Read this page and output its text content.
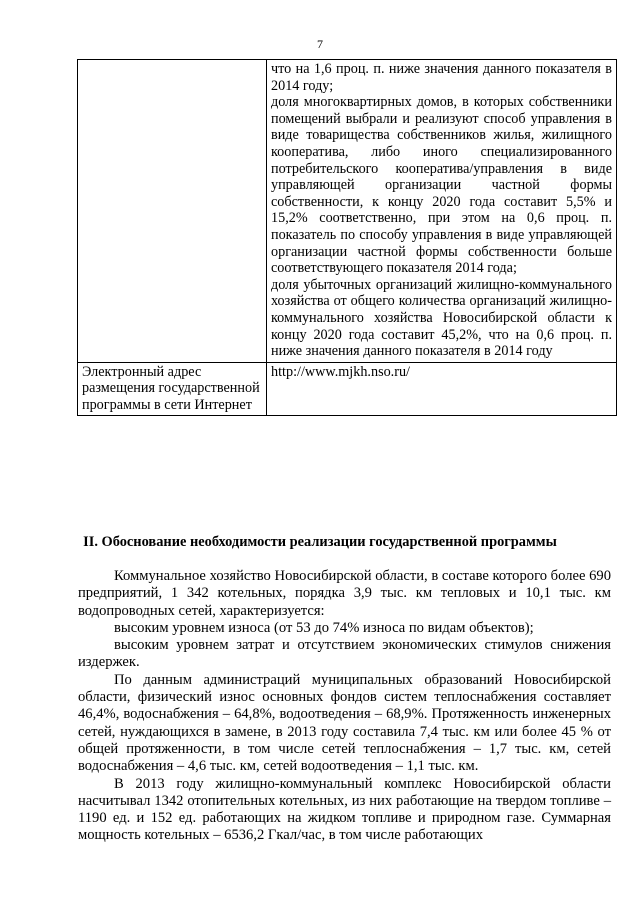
7

	что на 1,6 проц. п. ниже значения данного показателя в 2014 году;
доля многоквартирных домов, в которых собственники помещений выбрали и реализуют способ управления в виде товарищества собственников жилья, жилищного кооператива, либо иного специализированного потребительского кооператива/управления в виде управляющей организации частной формы собственности, к концу 2020 года составит 5,5% и 15,2% соответственно, при этом на 0,6 проц. п. показатель по способу управления в виде управляющей организации частной формы собственности больше соответствующего показателя 2014 года;
доля убыточных организаций жилищно-коммунального хозяйства от общего количества организаций жилищно-коммунального хозяйства Новосибирской области к концу 2020 года составит 45,2%, что на 0,6 проц. п. ниже значения данного показателя в 2014 году

Электронный адрес размещения государственной программы в сети Интернет	http://www.mjkh.nso.ru/
II. Обоснование необходимости реализации государственной программы

Коммунальное хозяйство Новосибирской области, в составе которого более 690 предприятий, 1 342 котельных, порядка 3,9 тыс. км тепловых и 10,1 тыс. км водопроводных сетей, характеризуется:

высоким уровнем износа (от 53 до 74% износа по видам объектов);

высоким уровнем затрат и отсутствием экономических стимулов снижения издержек.

По данным администраций муниципальных образований Новосибирской области, физический износ основных фондов систем теплоснабжения составляет 46,4%, водоснабжения – 64,8%, водоотведения – 68,9%. Протяженность инженерных сетей, нуждающихся в замене, в 2013 году составила 7,4 тыс. км или более 45 % от общей протяженности, в том числе сетей теплоснабжения – 1,7 тыс. км, сетей водоснабжения – 4,6 тыс. км, сетей водоотведения – 1,1 тыс. км.

В 2013 году жилищно-коммунальный комплекс Новосибирской области насчитывал 1342 отопительных котельных, из них работающие на твердом топливе – 1190 ед. и 152 ед. работающих на жидком топливе и природном газе. Суммарная мощность котельных – 6536,2 Гкал/час, в том числе работающих
